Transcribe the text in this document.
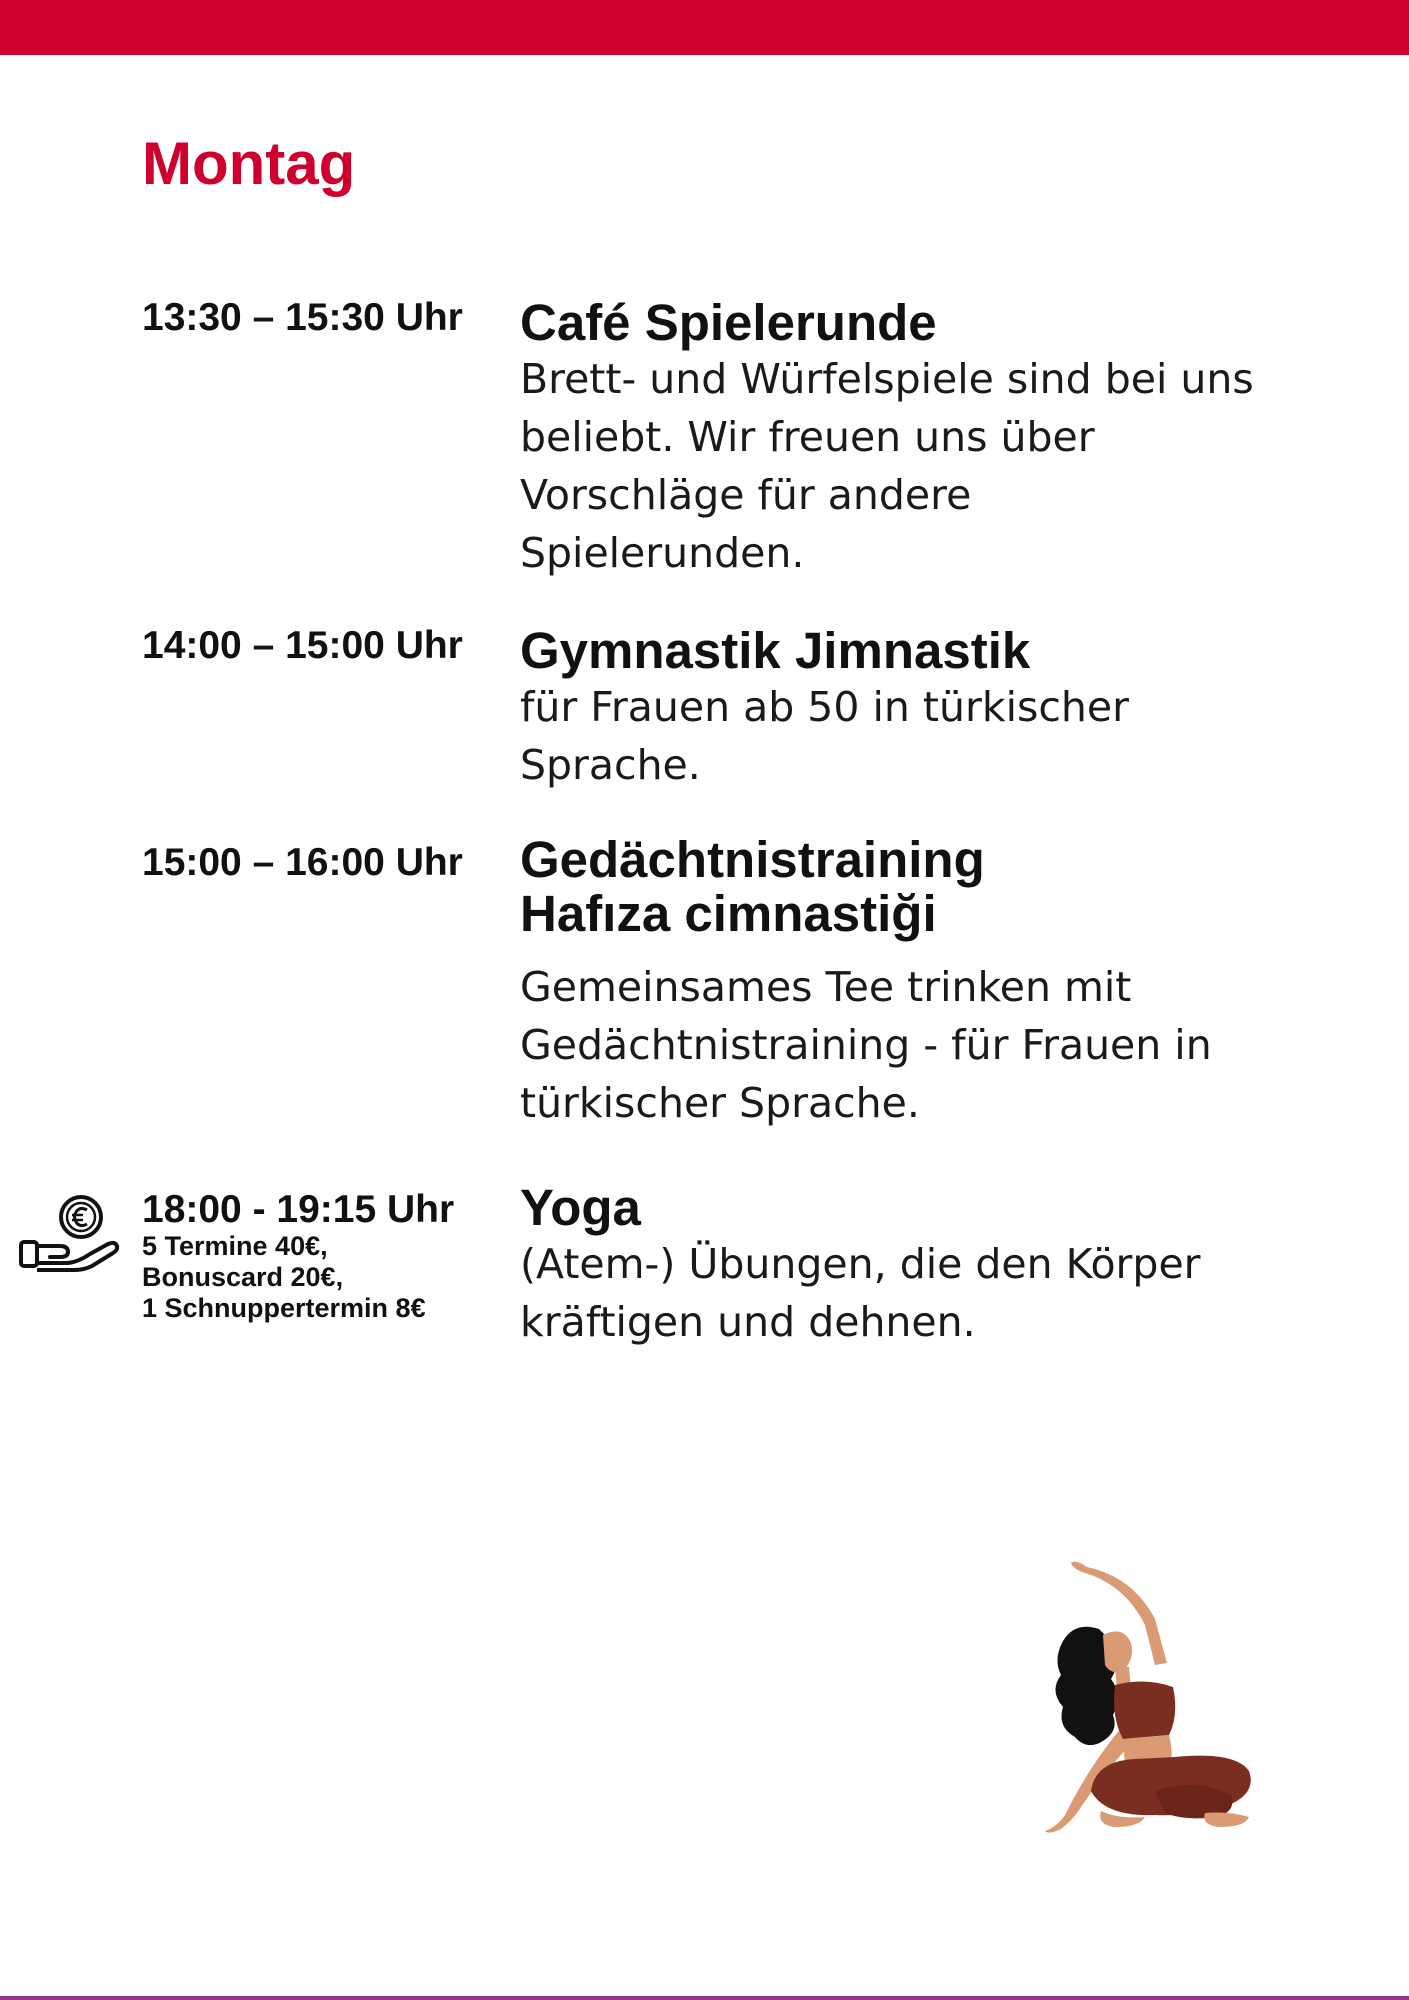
Montag
13:30 – 15:30 Uhr Café Spielerunde
Brett- und Würfelspiele sind bei uns
beliebt. Wir freuen uns über
Vorschläge für andere
Spielerunden.
14:00 – 15:00 Uhr Gymnastik Jimnastik
für Frauen ab 50 in türkischer
Sprache.
15:00 – 16:00 Uhr Gedächtnistraining
Hafıza cimnastiği
Gemeinsames Tee trinken mit
Gedächtnistraining - für Frauen in
türkischer Sprache.
18:00 - 19:15 Uhr
5 Termine 40€,
Bonuscard 20€,
1 Schnuppertermin 8€
Yoga
(Atem-) Übungen, die den Körper
kräftigen und dehnen.
